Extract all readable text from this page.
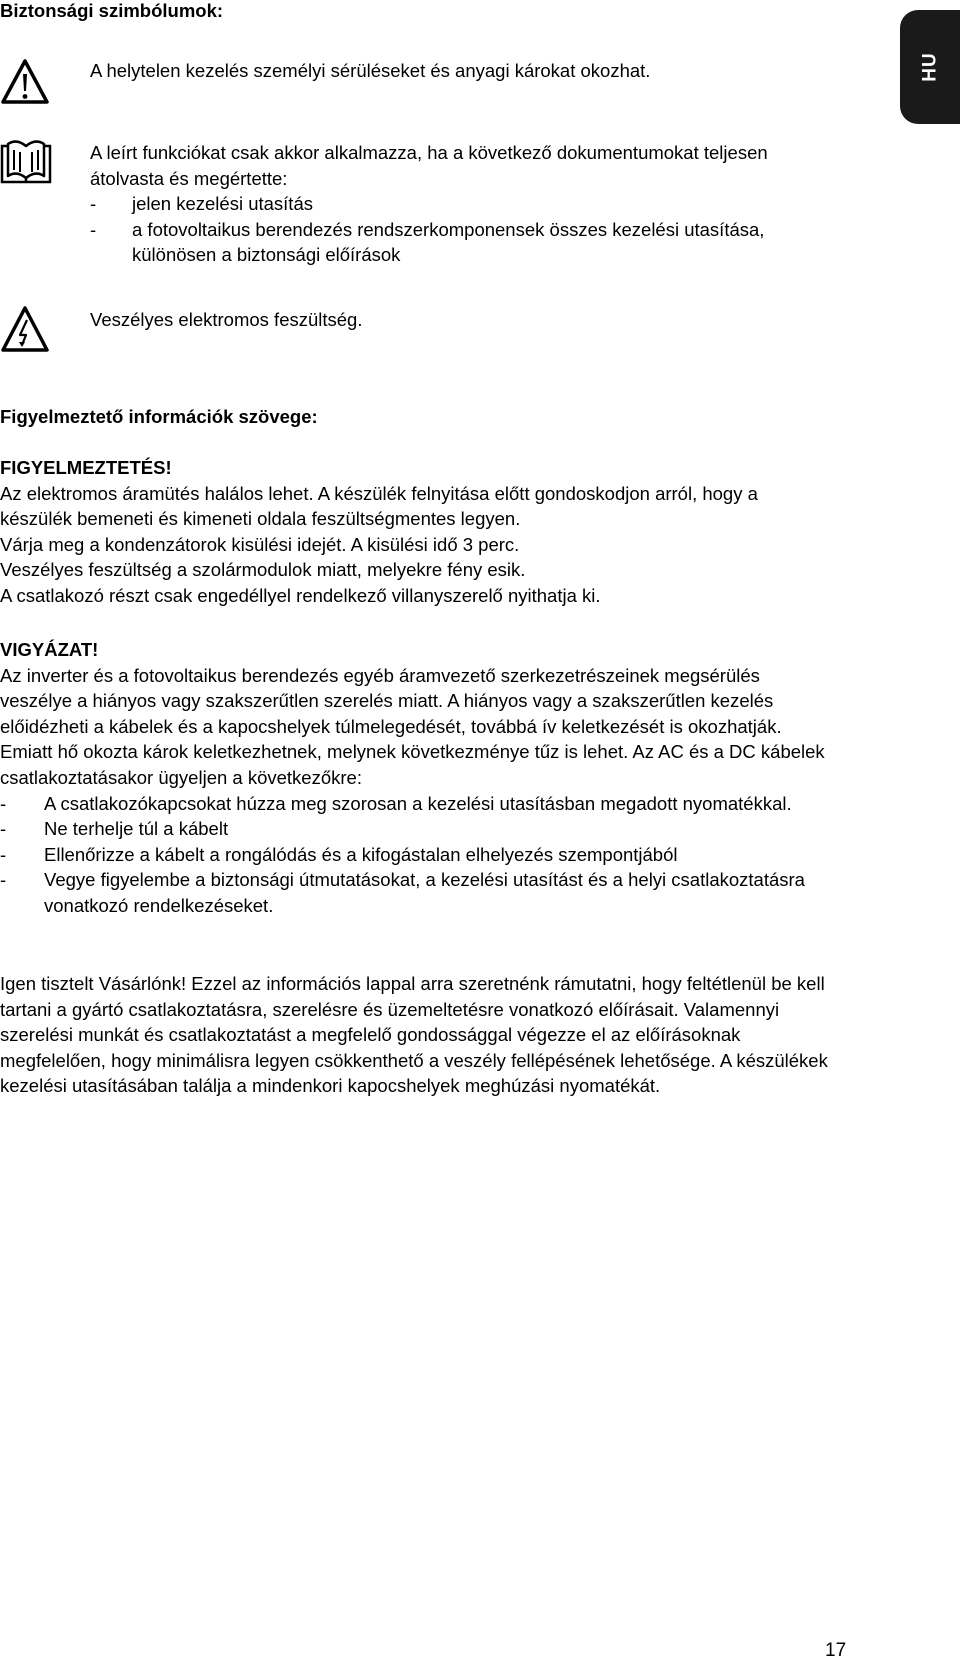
Biztonsági szimbólumok:
HU

A helytelen kezelés személyi sérüléseket és anyagi károkat okozhat.

A leírt funkciókat csak akkor alkalmazza, ha a következő dokumentumokat teljesen átolvasta és megértette:

- jelen kezelési utasítás
- a fotovoltaikus berendezés rendszerkomponensek összes kezelési utasítása, különösen a biztonsági előírások

Veszélyes elektromos feszültség.

Figyelmeztető információk szövege:

FIGYELMEZTETÉS!

Az elektromos áramütés halálos lehet. A készülék felnyitása előtt gondoskodjon arról, hogy a készülék bemeneti és kimeneti oldala feszültségmentes legyen.

Várja meg a kondenzátorok kisülési idejét. A kisülési idő 3 perc.

Veszélyes feszültség a szolármodulok miatt, melyekre fény esik.

A csatlakozó részt csak engedéllyel rendelkező villanyszerelő nyithatja ki.

VIGYÁZAT!

Az inverter és a fotovoltaikus berendezés egyéb áramvezető szerkezetrészeinek megsérülés veszélye a hiányos vagy szakszerűtlen szerelés miatt. A hiányos vagy a szakszerűtlen kezelés előidézheti a kábelek és a kapocshelyek túlmelegedését, továbbá ív keletkezését is okozhatják. Emiatt hő okozta károk keletkezhetnek, melynek következménye tűz is lehet. Az AC és a DC kábelek csatlakoztatásakor ügyeljen a következőkre:

- A csatlakozókapcsokat húzza meg szorosan a kezelési utasításban megadott nyomatékkal.
- Ne terhelje túl a kábelt
- Ellenőrizze a kábelt a rongálódás és a kifogástalan elhelyezés szempontjából
- Vegye figyelembe a biztonsági útmutatásokat, a kezelési utasítást és a helyi csatlakoztatásra vonatkozó rendelkezéseket.

Igen tisztelt Vásárlónk! Ezzel az információs lappal arra szeretnénk rámutatni, hogy feltétlenül be kell tartani a gyártó csatlakoztatásra, szerelésre és üzemeltetésre vonatkozó előírásait. Valamennyi szerelési munkát és csatlakoztatást a megfelelő gondossággal végezze el az előírásoknak megfelelően, hogy minimálisra legyen csökkenthető a veszély fellépésének lehetősége. A készülékek kezelési utasításában találja a mindenkori kapocshelyek meghúzási nyomatékát.

17
